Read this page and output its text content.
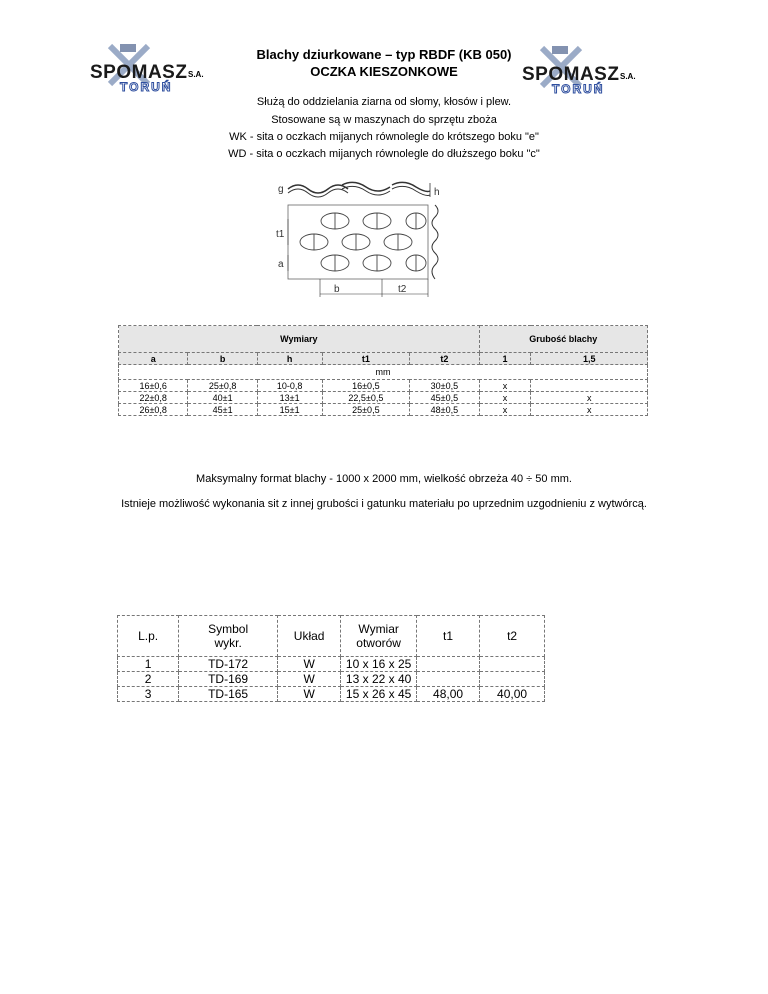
SPOMASZ S.A.
TORUŃ
SPOMASZ S.A.
TORUŃ
Blachy dziurkowane – typ RBDF (KB 050)
OCZKA KIESZONKOWE
Służą do oddzielania ziarna od słomy, kłosów i plew.
Stosowane są w maszynach do sprzętu zboża
WK - sita o oczkach mijanych równolegle do krótszego boku "e"
WD - sita o oczkach mijanych równolegle do dłuższego boku "c"
g	h
t1
a
b	t2
Wymiary					Grubość blachy	
a	b	h	t1	t2	1	1,5
mm						
16±0,6	25±0,8	10-0,8	16±0,5	30±0,5	x	
22±0,8	40±1	13±1	22,5±0,5	45±0,5	x	x
26±0,8	45±1	15±1	25±0,5	48±0,5	x	x
Maksymalny format blachy - 1000 x 2000 mm, wielkość obrzeża 40 ÷ 50 mm.
Istnieje możliwość wykonania sit z innej grubości i gatunku materiału po uprzednim uzgodnieniu z wytwórcą.
L.p.	Symbol wykr.	Układ	Wymiar otworów	t1	t2
1	TD-172	W	10 x 16 x 25		
2	TD-169	W	13 x 22 x 40		
3	TD-165	W	15 x 26 x 45	48,00	40,00
